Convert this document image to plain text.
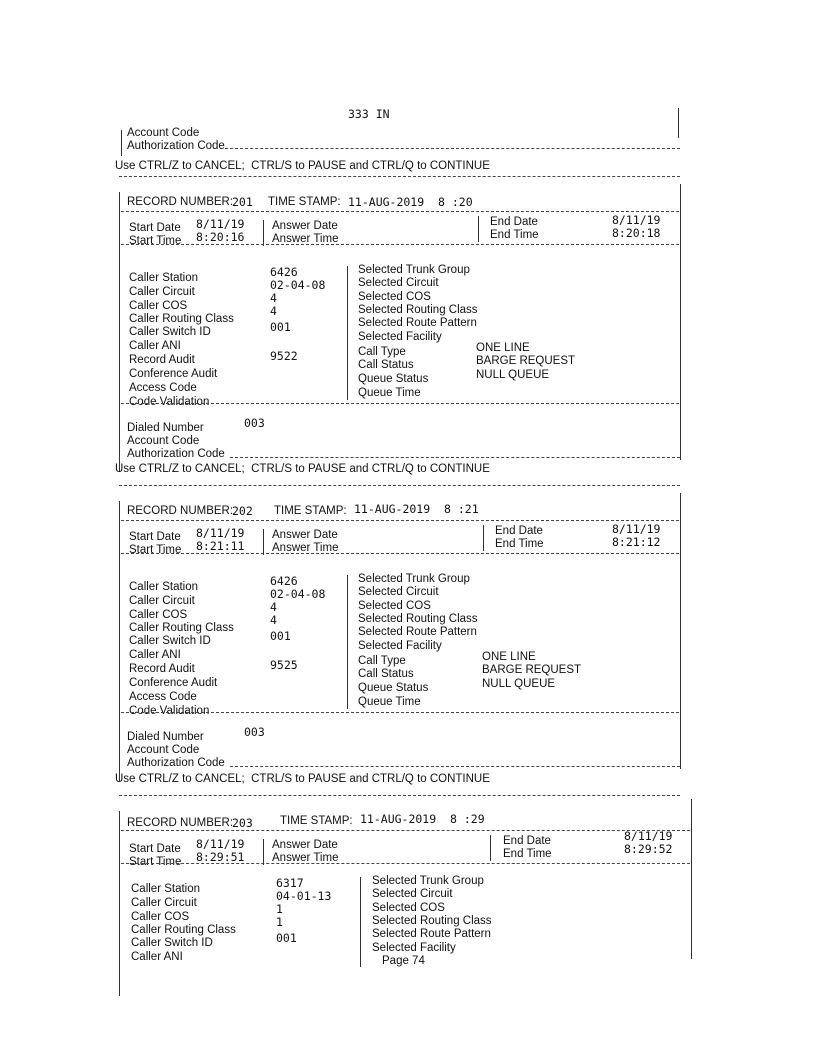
333 IN
Account Code
Authorization Code
Use CTRL/Z to CANCEL;  CTRL/S to PAUSE and CTRL/Q to CONTINUE
RECORD NUMBER:
201 TIME STAMP: 11-AUG-2019  8 :20
Start Date 8/11/19
Start Time 8:20:16
Answer Date
Answer Time
End Date
End Time
8/11/19
8:20:18
Caller Station
Caller Circuit
Caller COS
Caller Routing Class
Caller Switch ID
Caller ANI
Record Audit
Conference Audit
Access Code
Code Validation
6426
02-04-08
4
4
001
9522
Selected Trunk Group
Selected Circuit
Selected COS
Selected Routing Class
Selected Route Pattern
Selected Facility
Call Type
Call Status
Queue Status
Queue Time
ONE LINE
BARGE REQUEST
NULL QUEUE
Dialed Number	003
Account Code
Authorization Code
Use CTRL/Z to CANCEL;  CTRL/S to PAUSE and CTRL/Q to CONTINUE
RECORD NUMBER:
202 TIME STAMP: 11-AUG-2019  8 :21
Start Date 8/11/19
Start Time 8:21:11
Answer Date
Answer Time
End Date
End Time
8/11/19
8:21:12
Caller Station
Caller Circuit
Caller COS
Caller Routing Class
Caller Switch ID
Caller ANI
Record Audit
Conference Audit
Access Code
Code Validation
6426
02-04-08
4
4
001
9525
Selected Trunk Group
Selected Circuit
Selected COS
Selected Routing Class
Selected Route Pattern
Selected Facility
Call Type
Call Status
Queue Status
Queue Time
ONE LINE
BARGE REQUEST
NULL QUEUE
Dialed Number	003
Account Code
Authorization Code
Use CTRL/Z to CANCEL;  CTRL/S to PAUSE and CTRL/Q to CONTINUE
RECORD NUMBER:
203 TIME STAMP: 11-AUG-2019  8 :29
Start Date 8/11/19
Start Time 8:29:51
Answer Date
Answer Time
End Date
End Time
8/11/19
8:29:52
Caller Station
Caller Circuit
Caller COS
Caller Routing Class
Caller Switch ID
Caller ANI
6317
04-01-13
1
1
001
Selected Trunk Group
Selected Circuit
Selected COS
Selected Routing Class
Selected Route Pattern
Selected Facility
Page 74
